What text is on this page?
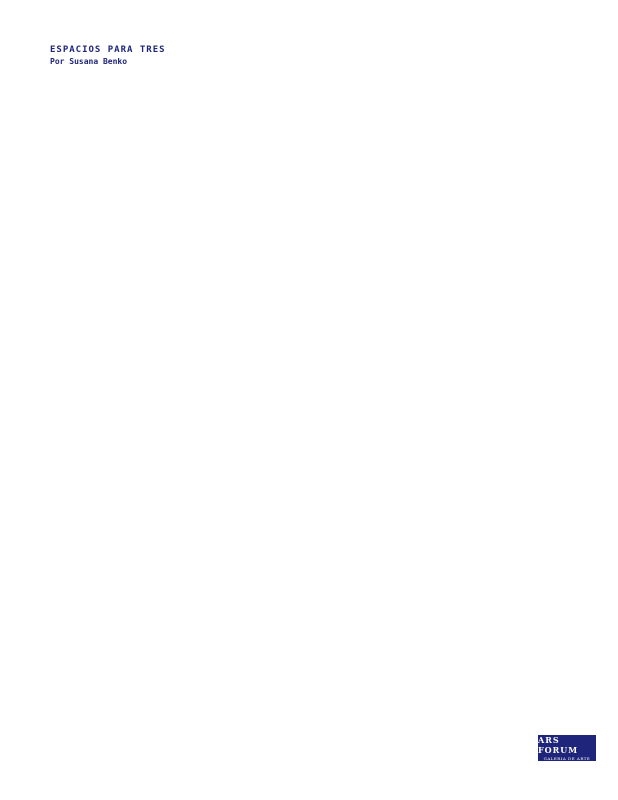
ESPACIOS PARA TRES
Por Susana Benko
ARS FORUM
GALERIA DE ARTE
